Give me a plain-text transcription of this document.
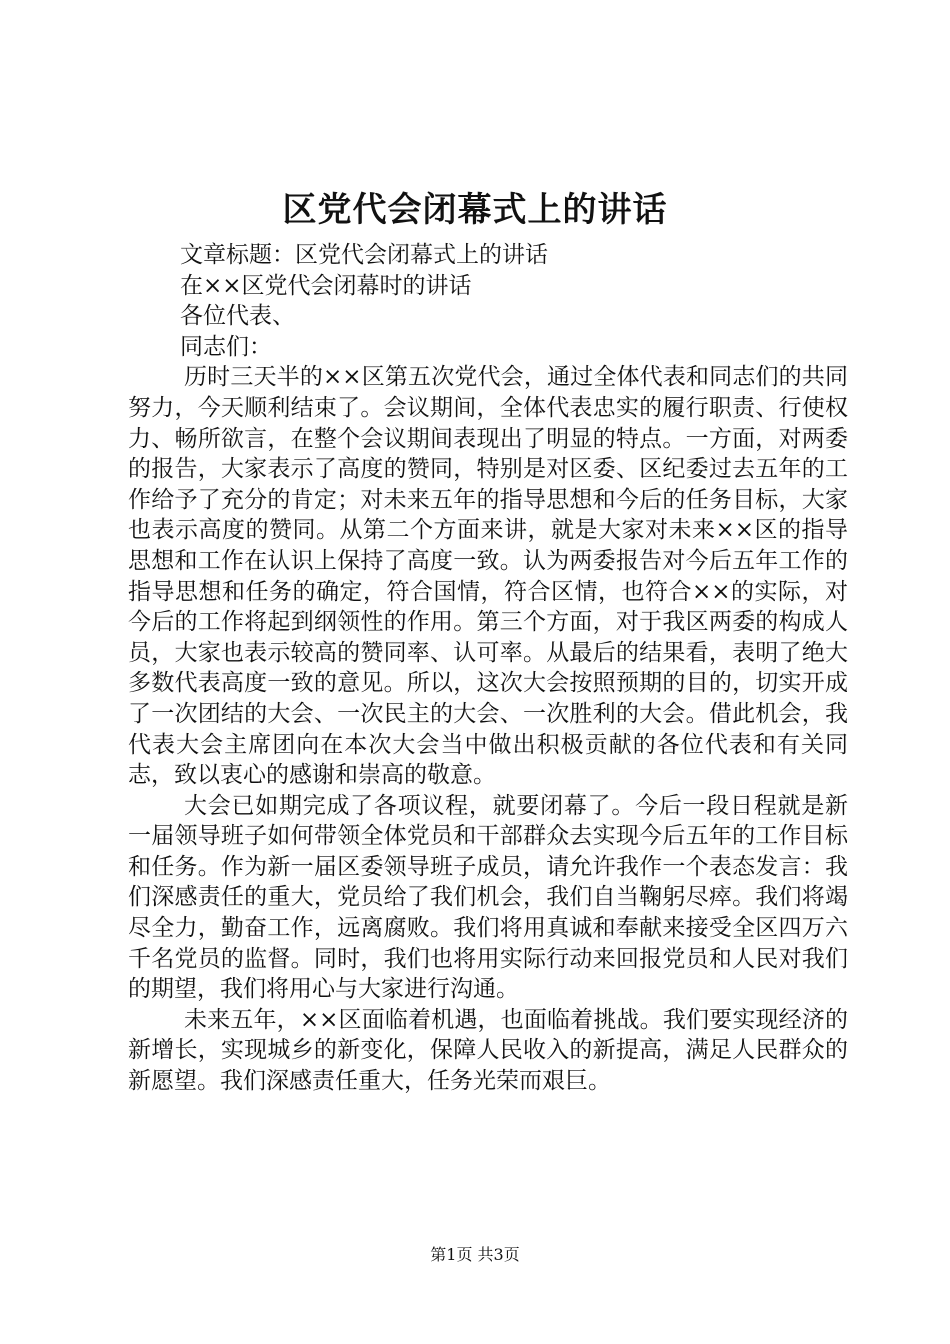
区党代会闭幕式上的讲话

文章标题：区党代会闭幕式上的讲话

在××区党代会闭幕时的讲话

各位代表、

同志们：

历时三天半的××区第五次党代会，通过全体代表和同志们的共同努力，今天顺利结束了。会议期间，全体代表忠实的履行职责、行使权力、畅所欲言，在整个会议期间表现出了明显的特点。一方面，对两委的报告，大家表示了高度的赞同，特别是对区委、区纪委过去五年的工作给予了充分的肯定；对未来五年的指导思想和今后的任务目标，大家也表示高度的赞同。从第二个方面来讲，就是大家对未来××区的指导思想和工作在认识上保持了高度一致。认为两委报告对今后五年工作的指导思想和任务的确定，符合国情，符合区情，也符合××的实际，对今后的工作将起到纲领性的作用。第三个方面，对于我区两委的构成人员，大家也表示较高的赞同率、认可率。从最后的结果看，表明了绝大多数代表高度一致的意见。所以，这次大会按照预期的目的，切实开成了一次团结的大会、一次民主的大会、一次胜利的大会。借此机会，我代表大会主席团向在本次大会当中做出积极贡献的各位代表和有关同志，致以衷心的感谢和崇高的敬意。

大会已如期完成了各项议程，就要闭幕了。今后一段日程就是新一届领导班子如何带领全体党员和干部群众去实现今后五年的工作目标和任务。作为新一届区委领导班子成员，请允许我作一个表态发言：我们深感责任的重大，党员给了我们机会，我们自当鞠躬尽瘁。我们将竭尽全力，勤奋工作，远离腐败。我们将用真诚和奉献来接受全区四万六千名党员的监督。同时，我们也将用实际行动来回报党员和人民对我们的期望，我们将用心与大家进行沟通。

未来五年，××区面临着机遇，也面临着挑战。我们要实现经济的新增长，实现城乡的新变化，保障人民收入的新提高，满足人民群众的新愿望。我们深感责任重大，任务光荣而艰巨。

第1页 共3页
